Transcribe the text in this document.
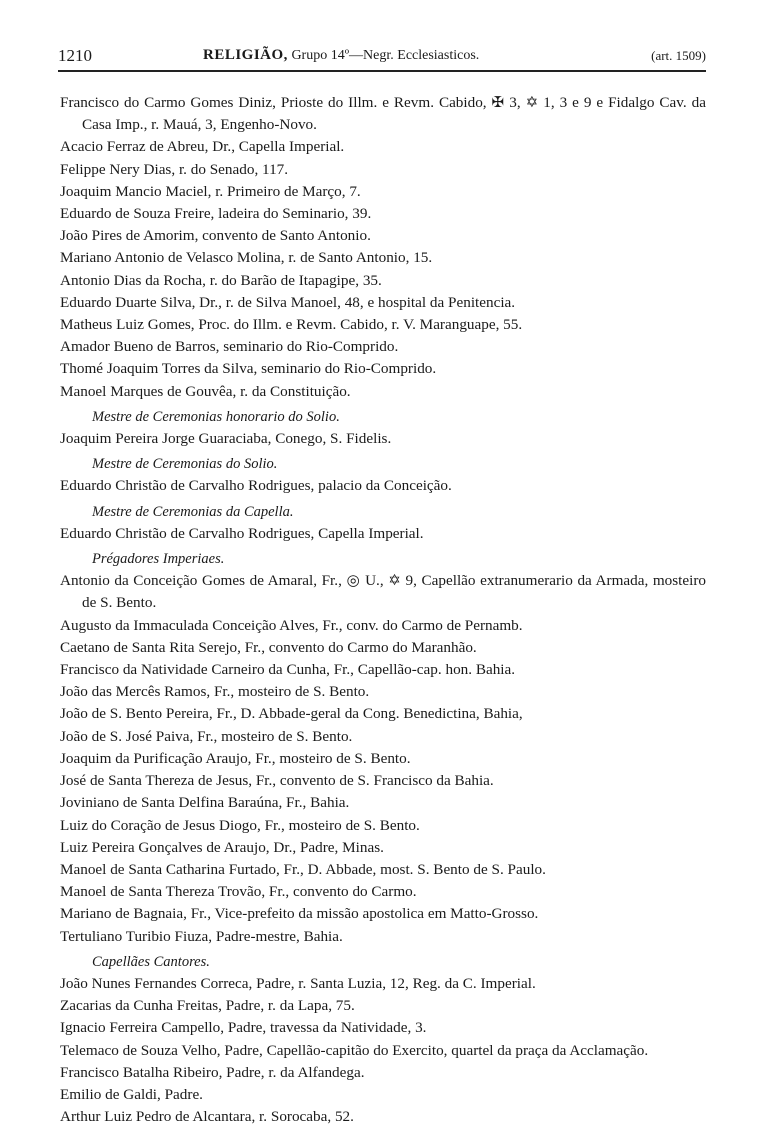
1210	RELIGIÃO, Grupo 14º—Negr. Ecclesiasticos.	(art. 1509)
Francisco do Carmo Gomes Diniz, Prioste do Illm. e Revm. Cabido, ✠ 3, ✡ 1, 3 e 9 e Fidalgo Cav. da Casa Imp., r. Mauá, 3, Engenho-Novo.
Acacio Ferraz de Abreu, Dr., Capella Imperial.
Felippe Nery Dias, r. do Senado, 117.
Joaquim Mancio Maciel, r. Primeiro de Março, 7.
Eduardo de Souza Freire, ladeira do Seminario, 39.
João Pires de Amorim, convento de Santo Antonio.
Mariano Antonio de Velasco Molina, r. de Santo Antonio, 15.
Antonio Dias da Rocha, r. do Barão de Itapagipe, 35.
Eduardo Duarte Silva, Dr., r. de Silva Manoel, 48, e hospital da Penitencia.
Matheus Luiz Gomes, Proc. do Illm. e Revm. Cabido, r. V. Maranguape, 55.
Amador Bueno de Barros, seminario do Rio-Comprido.
Thomé Joaquim Torres da Silva, seminario do Rio-Comprido.
Manoel Marques de Gouvêa, r. da Constituição.
Mestre de Ceremonias honorario do Solio.
Joaquim Pereira Jorge Guaraciaba, Conego, S. Fidelis.
Mestre de Ceremonias do Solio.
Eduardo Christão de Carvalho Rodrigues, palacio da Conceição.
Mestre de Ceremonias da Capella.
Eduardo Christão de Carvalho Rodrigues, Capella Imperial.
Prégadores Imperiaes.
Antonio da Conceição Gomes de Amaral, Fr., ◎ U., ✡ 9, Capellão extranumerario da Armada, mosteiro de S. Bento.
Augusto da Immaculada Conceição Alves, Fr., conv. do Carmo de Pernamb.
Caetano de Santa Rita Serejo, Fr., convento do Carmo do Maranhão.
Francisco da Natividade Carneiro da Cunha, Fr., Capellão-cap. hon. Bahia.
João das Mercês Ramos, Fr., mosteiro de S. Bento.
João de S. Bento Pereira, Fr., D. Abbade-geral da Cong. Benedictina, Bahia,
João de S. José Paiva, Fr., mosteiro de S. Bento.
Joaquim da Purificação Araujo, Fr., mosteiro de S. Bento.
José de Santa Thereza de Jesus, Fr., convento de S. Francisco da Bahia.
Joviniano de Santa Delfina Baraúna, Fr., Bahia.
Luiz do Coração de Jesus Diogo, Fr., mosteiro de S. Bento.
Luiz Pereira Gonçalves de Araujo, Dr., Padre, Minas.
Manoel de Santa Catharina Furtado, Fr., D. Abbade, most. S. Bento de S. Paulo.
Manoel de Santa Thereza Trovão, Fr., convento do Carmo.
Mariano de Bagnaia, Fr., Vice-prefeito da missão apostolica em Matto-Grosso.
Tertuliano Turibio Fiuza, Padre-mestre, Bahia.
Capellães Cantores.
João Nunes Fernandes Correca, Padre, r. Santa Luzia, 12, Reg. da C. Imperial.
Zacarias da Cunha Freitas, Padre, r. da Lapa, 75.
Ignacio Ferreira Campello, Padre, travessa da Natividade, 3.
Telemaco de Souza Velho, Padre, Capellão-capitão do Exercito, quartel da praça da Acclamação.
Francisco Batalha Ribeiro, Padre, r. da Alfandega.
Emilio de Galdi, Padre.
Arthur Luiz Pedro de Alcantara, r. Sorocaba, 52.
